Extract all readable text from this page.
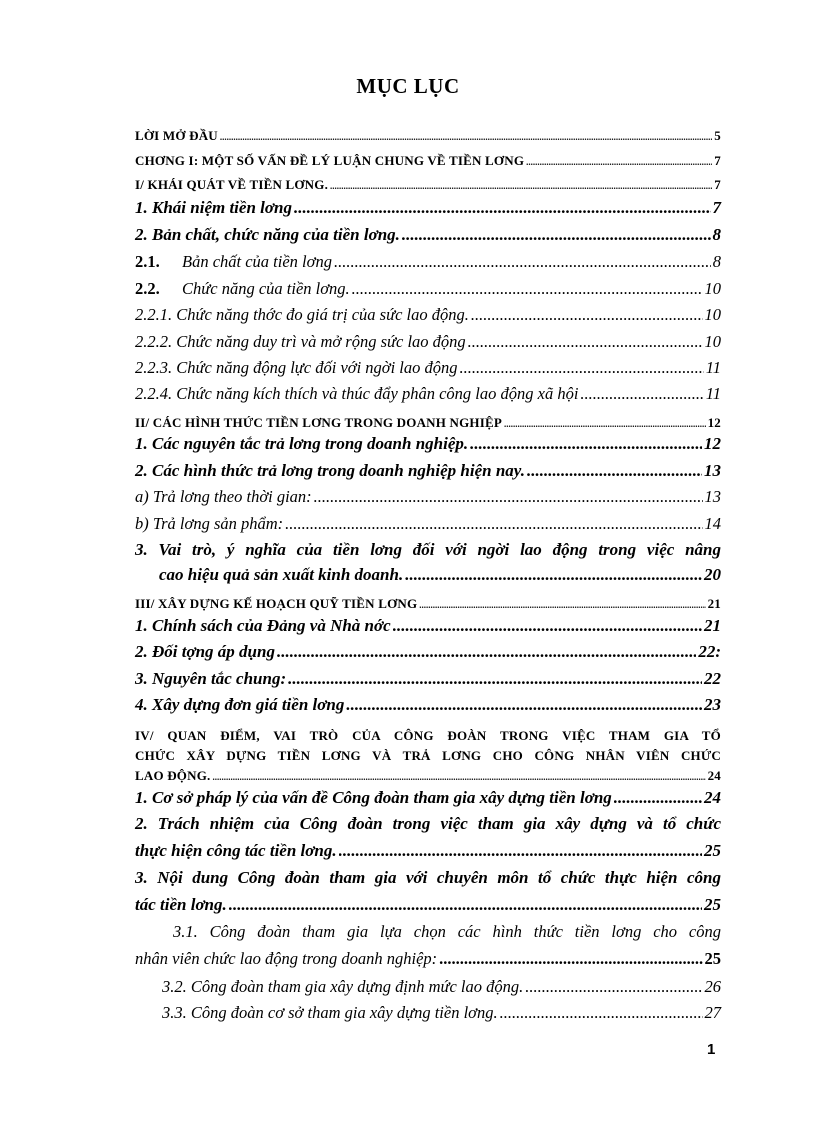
MỤC LỤC
LỜI MỞ ĐẦU .....	5
CHƠNG I: MỘT SỐ VẤN ĐỀ LÝ LUẬN CHUNG VỀ TIỀN LƠNG .....	7
I/ KHÁI QUÁT VỀ TIỀN LƠNG. .....	7
1. Khái niệm tiền lơng .....	7
2. Bản chất, chức năng của tiền lơng. .....	8
2.1.	Bản chất của tiền lơng .....	8
2.2.	Chức năng của tiền lơng. .....	10
2.2.1. Chức năng thớc đo giá trị của sức lao động. .....	10
2.2.2. Chức năng duy trì và mở rộng sức lao động .....	10
2.2.3. Chức năng động lực đối với ngời lao động .....	11
2.2.4. Chức năng kích thích và thúc đẩy phân công lao động xã hội .....	11
II/ CÁC HÌNH THỨC TIỀN LƠNG TRONG DOANH NGHIỆP .....	12
1. Các nguyên tắc trả lơng trong doanh nghiệp. .....	12
2. Các hình thức trả lơng trong doanh nghiệp hiện nay. .....	13
a) Trả lơng theo thời gian: .....	13
b) Trả lơng sản phẩm: .....	14
3. Vai trò, ý nghĩa của tiền lơng đối với ngời lao động trong việc nâng
cao hiệu quả sản xuất kinh doanh. .....	20
III/ XÂY DỰNG KẾ HOẠCH QUỸ TIỀN LƠNG .....	21
1. Chính sách của Đảng và Nhà nớc .....	21
2. Đối tợng áp dụng .....	22:
3. Nguyên tắc chung: .....	22
4. Xây dựng đơn giá tiền lơng .....	23
IV/ QUAN ĐIỂM, VAI TRÒ CỦA CÔNG ĐOÀN TRONG VIỆC THAM GIA TỔ
CHỨC XÂY DỰNG TIỀN LƠNG VÀ TRẢ LƠNG CHO CÔNG NHÂN VIÊN CHỨC
LAO ĐỘNG. .....	24
1. Cơ sở pháp lý của vấn đề Công đoàn tham gia xây dựng tiền lơng .....	24
2. Trách nhiệm của Công đoàn trong việc tham gia xây dựng và tổ chức
thực hiện công tác tiền lơng. .....	25
3. Nội dung Công đoàn tham gia với chuyên môn tổ chức thực hiện công
tác tiền lơng. .....	25
3.1. Công đoàn tham gia lựa chọn các hình thức tiền lơng cho công
nhân viên chức lao động trong doanh nghiệp: .....	25
3.2. Công đoàn tham gia xây dựng định mức lao động. .....	26
3.3. Công đoàn cơ sở tham gia xây dựng tiền lơng. .....	27
1
